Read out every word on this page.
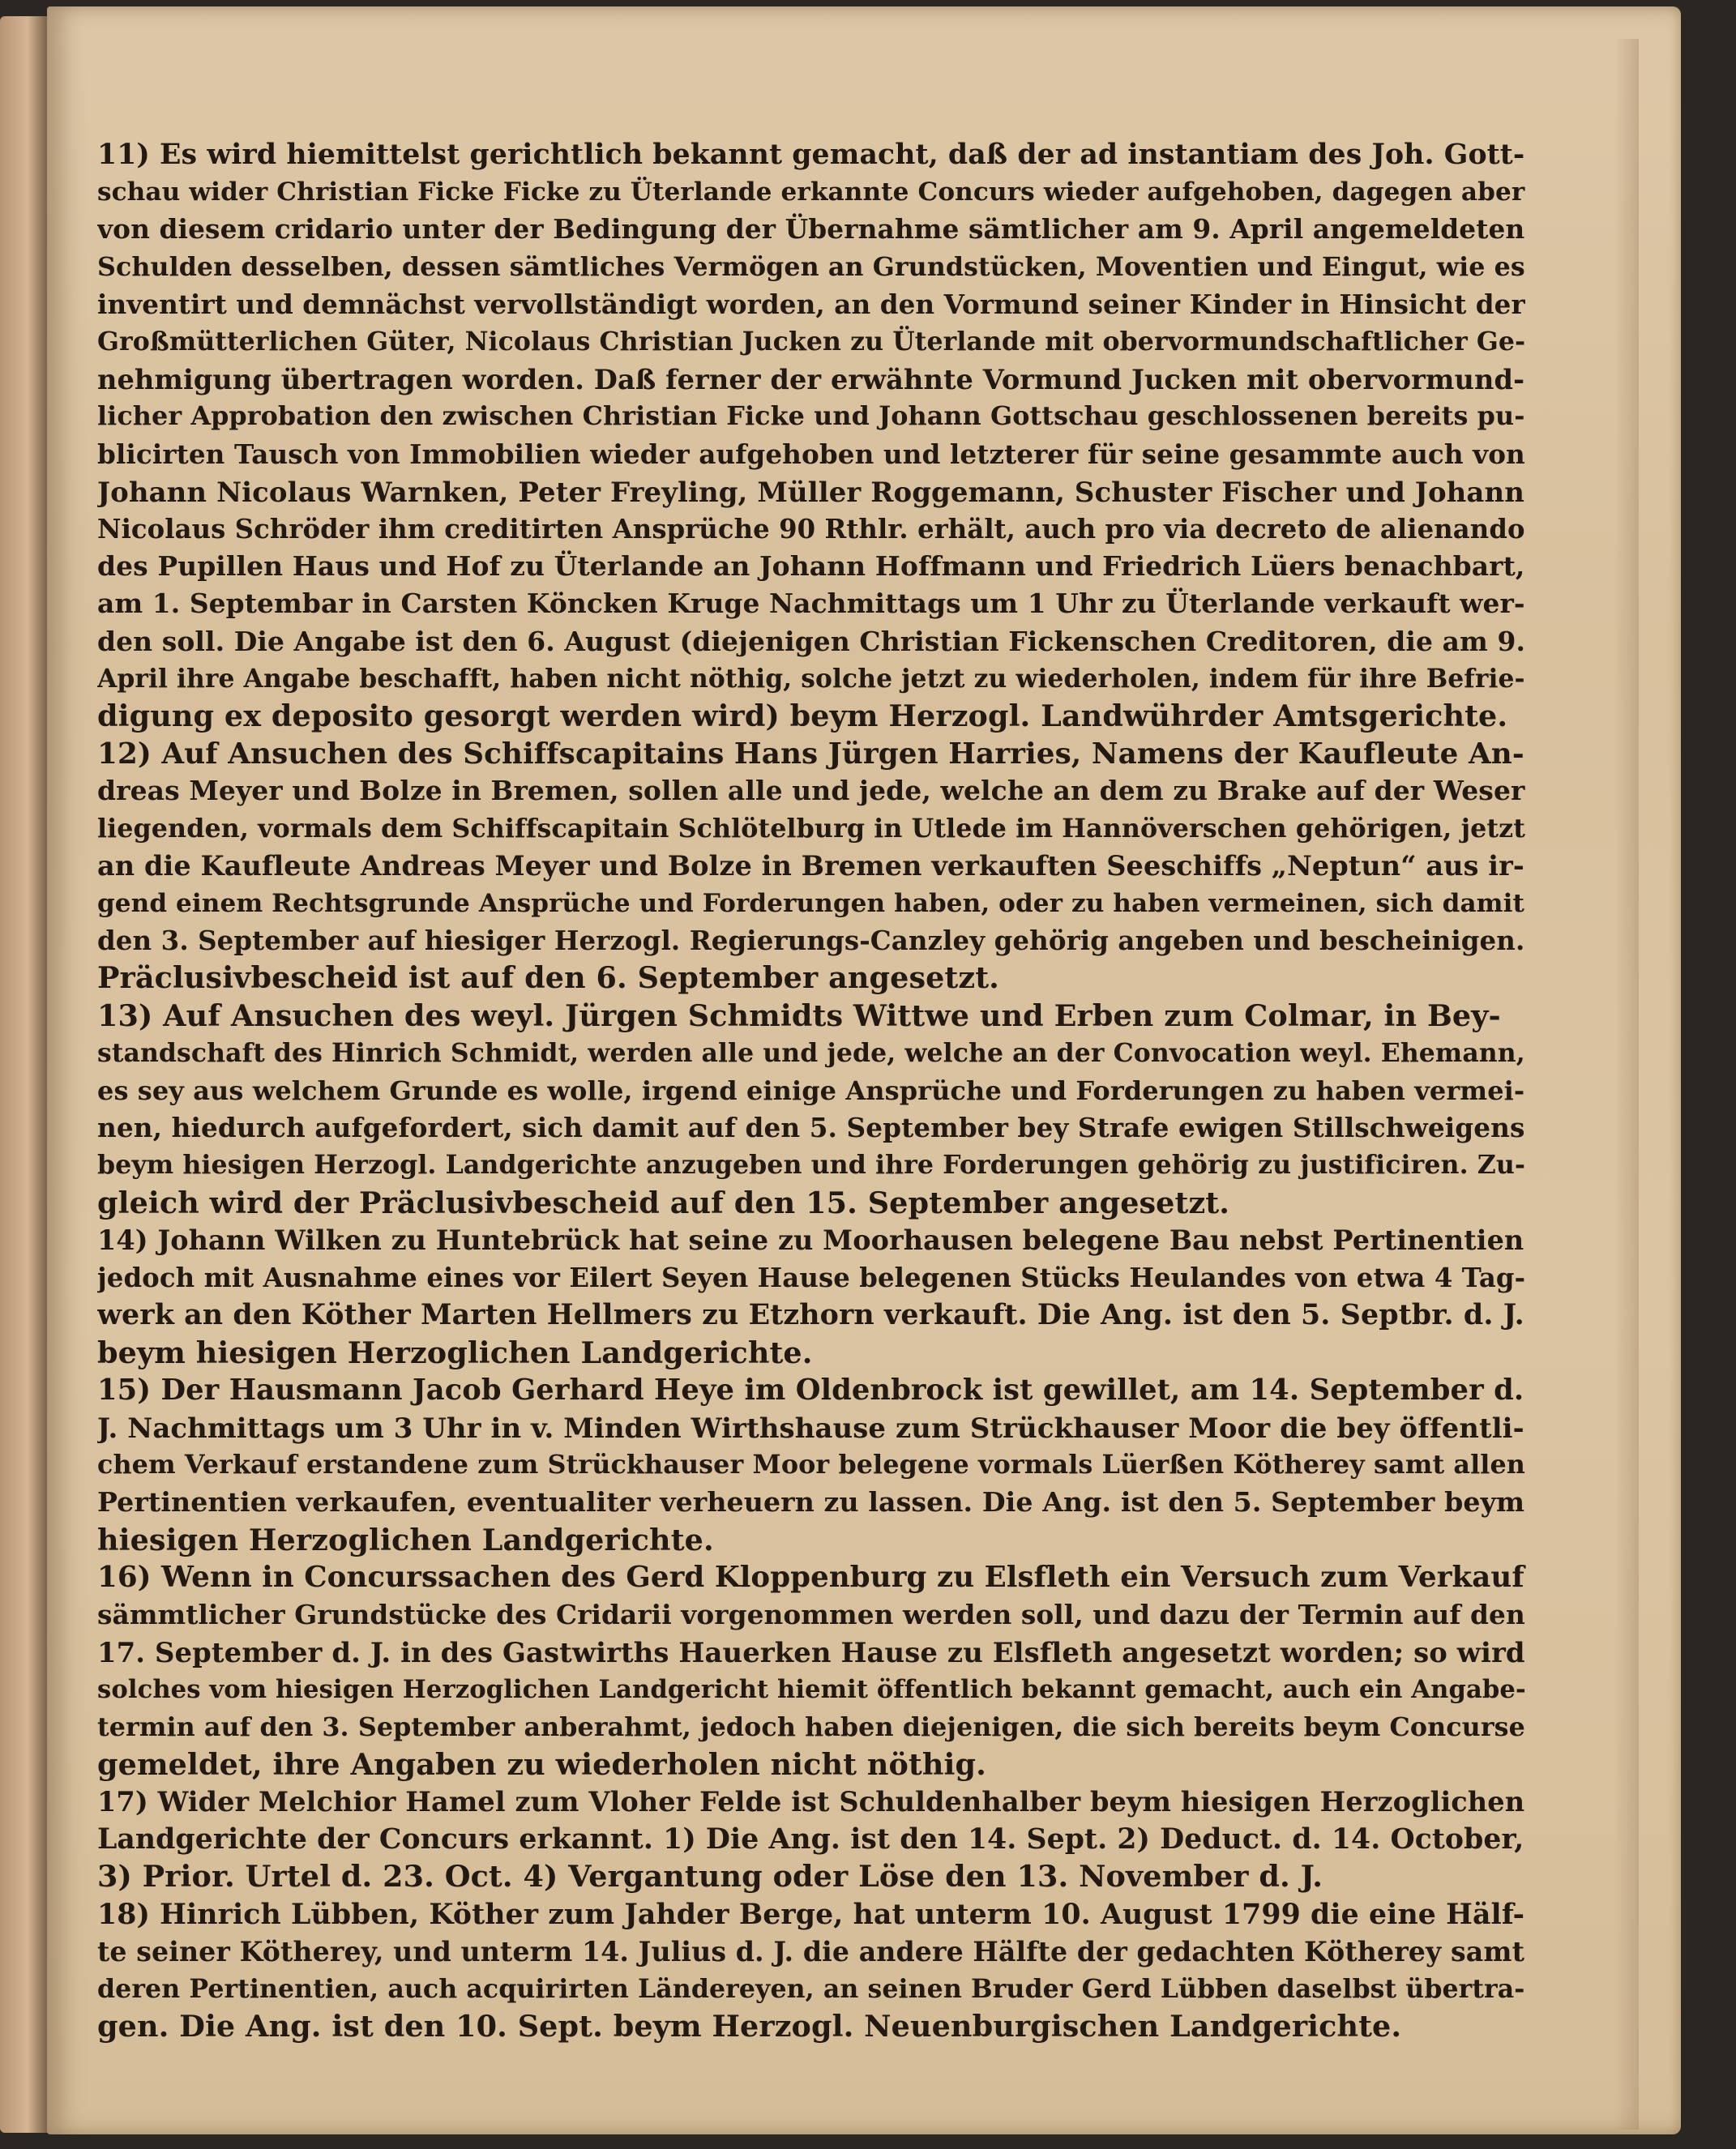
11) Es wird hiemittelst gerichtlich bekannt gemacht, daß der ad instantiam des Joh. Gott-
schau wider Christian Ficke Ficke zu Üterlande erkannte Concurs wieder aufgehoben, dagegen aber
von diesem cridario unter der Bedingung der Übernahme sämtlicher am 9. April angemeldeten
Schulden desselben, dessen sämtliches Vermögen an Grundstücken, Moventien und Eingut, wie es
inventirt und demnächst vervollständigt worden, an den Vormund seiner Kinder in Hinsicht der
Großmütterlichen Güter, Nicolaus Christian Jucken zu Üterlande mit obervormundschaftlicher Ge-
nehmigung übertragen worden. Daß ferner der erwähnte Vormund Jucken mit obervormund-
licher Approbation den zwischen Christian Ficke und Johann Gottschau geschlossenen bereits pu-
blicirten Tausch von Immobilien wieder aufgehoben und letzterer für seine gesammte auch von
Johann Nicolaus Warnken, Peter Freyling, Müller Roggemann, Schuster Fischer und Johann
Nicolaus Schröder ihm creditirten Ansprüche 90 Rthlr. erhält, auch pro via decreto de alienando
des Pupillen Haus und Hof zu Üterlande an Johann Hoffmann und Friedrich Lüers benachbart,
am 1. Septembar in Carsten Köncken Kruge Nachmittags um 1 Uhr zu Üterlande verkauft wer-
den soll. Die Angabe ist den 6. August (diejenigen Christian Fickenschen Creditoren, die am 9.
April ihre Angabe beschafft, haben nicht nöthig, solche jetzt zu wiederholen, indem für ihre Befrie-
digung ex deposito gesorgt werden wird) beym Herzogl. Landwührder Amtsgerichte.
12) Auf Ansuchen des Schiffscapitains Hans Jürgen Harries, Namens der Kaufleute An-
dreas Meyer und Bolze in Bremen, sollen alle und jede, welche an dem zu Brake auf der Weser
liegenden, vormals dem Schiffscapitain Schlötelburg in Utlede im Hannöverschen gehörigen, jetzt
an die Kaufleute Andreas Meyer und Bolze in Bremen verkauften Seeschiffs „Neptun“ aus ir-
gend einem Rechtsgrunde Ansprüche und Forderungen haben, oder zu haben vermeinen, sich damit
den 3. September auf hiesiger Herzogl. Regierungs-Canzley gehörig angeben und bescheinigen.
Präclusivbescheid ist auf den 6. September angesetzt.
13) Auf Ansuchen des weyl. Jürgen Schmidts Wittwe und Erben zum Colmar, in Bey-
standschaft des Hinrich Schmidt, werden alle und jede, welche an der Convocation weyl. Ehemann,
es sey aus welchem Grunde es wolle, irgend einige Ansprüche und Forderungen zu haben vermei-
nen, hiedurch aufgefordert, sich damit auf den 5. September bey Strafe ewigen Stillschweigens
beym hiesigen Herzogl. Landgerichte anzugeben und ihre Forderungen gehörig zu justificiren. Zu-
gleich wird der Präclusivbescheid auf den 15. September angesetzt.
14) Johann Wilken zu Huntebrück hat seine zu Moorhausen belegene Bau nebst Pertinentien
jedoch mit Ausnahme eines vor Eilert Seyen Hause belegenen Stücks Heulandes von etwa 4 Tag-
werk an den Köther Marten Hellmers zu Etzhorn verkauft. Die Ang. ist den 5. Septbr. d. J.
beym hiesigen Herzoglichen Landgerichte.
15) Der Hausmann Jacob Gerhard Heye im Oldenbrock ist gewillet, am 14. September d.
J. Nachmittags um 3 Uhr in v. Minden Wirthshause zum Strückhauser Moor die bey öffentli-
chem Verkauf erstandene zum Strückhauser Moor belegene vormals Lüerßen Kötherey samt allen
Pertinentien verkaufen, eventualiter verheuern zu lassen. Die Ang. ist den 5. September beym
hiesigen Herzoglichen Landgerichte.
16) Wenn in Concurssachen des Gerd Kloppenburg zu Elsfleth ein Versuch zum Verkauf
sämmtlicher Grundstücke des Cridarii vorgenommen werden soll, und dazu der Termin auf den
17. September d. J. in des Gastwirths Hauerken Hause zu Elsfleth angesetzt worden; so wird
solches vom hiesigen Herzoglichen Landgericht hiemit öffentlich bekannt gemacht, auch ein Angabe-
termin auf den 3. September anberahmt, jedoch haben diejenigen, die sich bereits beym Concurse
gemeldet, ihre Angaben zu wiederholen nicht nöthig.
17) Wider Melchior Hamel zum Vloher Felde ist Schuldenhalber beym hiesigen Herzoglichen
Landgerichte der Concurs erkannt. 1) Die Ang. ist den 14. Sept. 2) Deduct. d. 14. October,
3) Prior. Urtel d. 23. Oct. 4) Vergantung oder Löse den 13. November d. J.
18) Hinrich Lübben, Köther zum Jahder Berge, hat unterm 10. August 1799 die eine Hälf-
te seiner Kötherey, und unterm 14. Julius d. J. die andere Hälfte der gedachten Kötherey samt
deren Pertinentien, auch acquirirten Ländereyen, an seinen Bruder Gerd Lübben daselbst übertra-
gen. Die Ang. ist den 10. Sept. beym Herzogl. Neuenburgischen Landgerichte.
